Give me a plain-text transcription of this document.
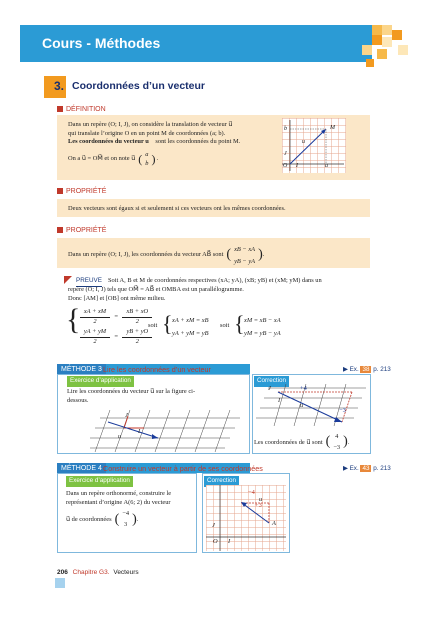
Cours - Méthodes
3. Coordonnées d’un vecteur
DÉFINITION
Dans un repère (O; I, J), on considère la translation de vecteur u⃗
qui translate l’origine O en un point M de coordonnées (a; b).
Les coordonnées du vecteur u⃗ sont les coordonnées du point M.
On a u⃗ = OM⃗ et on note u⃗ ( a
b ) .
b	M
u⃗
J
O I	a
PROPRIÉTÉ
Deux vecteurs sont égaux si et seulement si ces vecteurs ont les mêmes coordonnées.
PROPRIÉTÉ
Dans un repère (O; I, J), les coordonnées du vecteur AB⃗ sont ( xB − xA
yB − yA ) .
PREUVE Soit A, B et M de coordonnées respectives (xA; yA), (xB; yB) et (xM; yM) dans un
repère (O; I, J) tels que OM⃗ = AB⃗ et OMBA est un parallélogramme.
Donc [AM] et [OB] ont même milieu.
{ $\frac{xA + xM}{2} = \frac{xB + xO}{2}$
$\frac{yA + yM}{2} = \frac{yB + yO}{2}$
soit { xA + xM = xB
yA + yM = yB
soit { xM = xB − xA
yM = yB − yA
MÉTHODE 3 Lire les coordonnées d’un vecteur	▶ Ex. 38 p. 213
Exercice d’application
Lire les coordonnées du vecteur u⃗ sur la figure ci-
dessous.
J
I
u⃗
Correction
+4
−3
u⃗
J
I
Les coordonnées de u⃗ sont ( 4
−3 ) .
MÉTHODE 4 Construire un vecteur à partir de ses coordonnées	▶ Ex. 43 p. 213
Exercice d’application
Dans un repère orthonormé, construire le
représentant d’origine A(6; 2) du vecteur
u⃗ de coordonnées ( −4
3 ) .
Correction
+3
−4
u⃗
A
J
O I
206 Chapitre G3. Vecteurs
